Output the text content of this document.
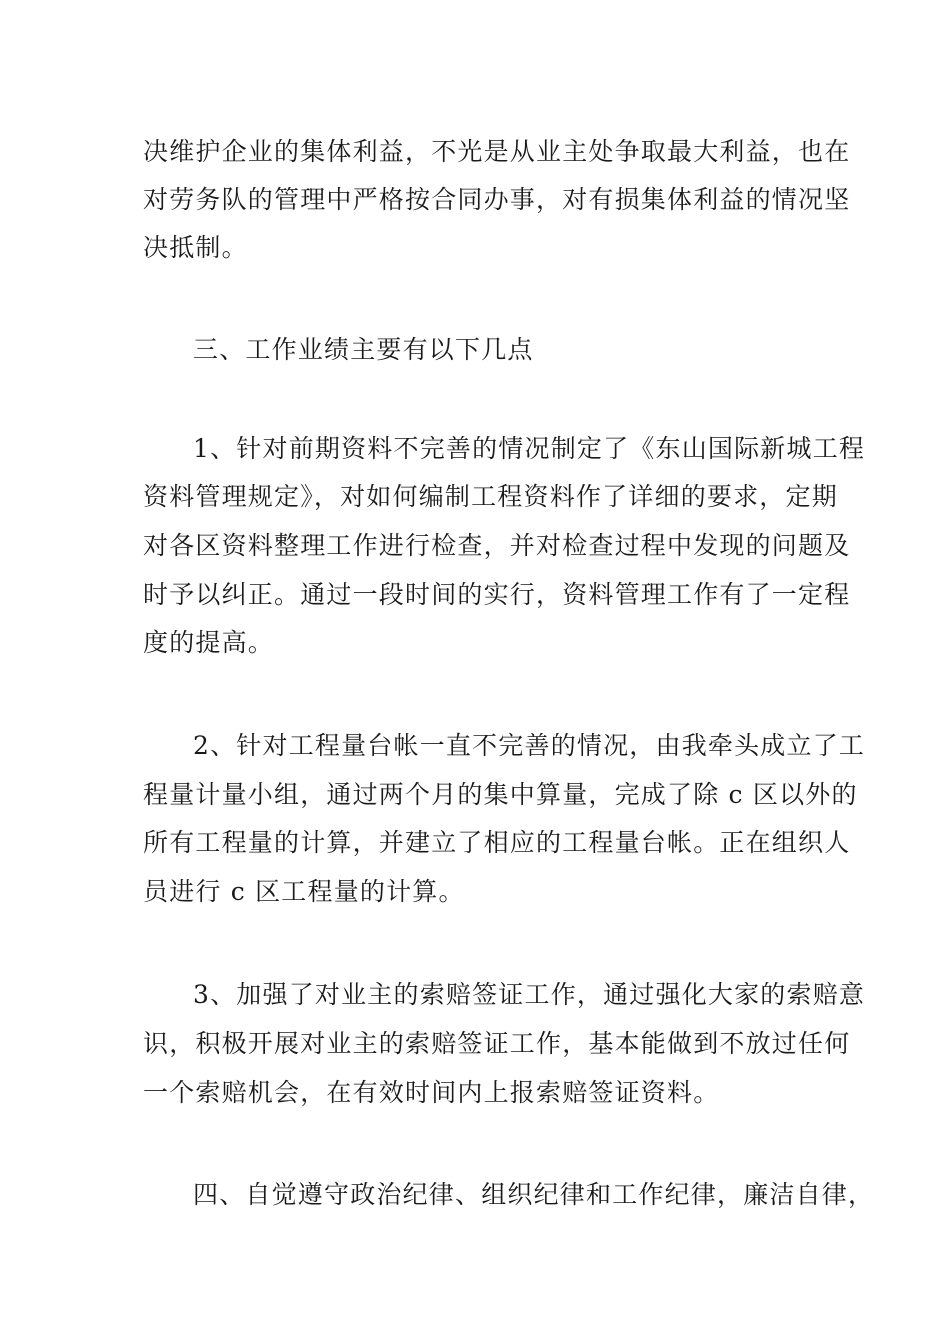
决维护企业的集体利益，不光是从业主处争取最大利益，也在
对劳务队的管理中严格按合同办事，对有损集体利益的情况坚
决抵制。
三、工作业绩主要有以下几点
1、针对前期资料不完善的情况制定了《东山国际新城工程
资料管理规定》，对如何编制工程资料作了详细的要求，定期
对各区资料整理工作进行检查，并对检查过程中发现的问题及
时予以纠正。通过一段时间的实行，资料管理工作有了一定程
度的提高。
2、针对工程量台帐一直不完善的情况，由我牵头成立了工
程量计量小组，通过两个月的集中算量，完成了除 c 区以外的
所有工程量的计算，并建立了相应的工程量台帐。正在组织人
员进行 c 区工程量的计算。
3、加强了对业主的索赔签证工作，通过强化大家的索赔意
识，积极开展对业主的索赔签证工作，基本能做到不放过任何
一个索赔机会，在有效时间内上报索赔签证资料。
四、自觉遵守政治纪律、组织纪律和工作纪律，廉洁自律，
